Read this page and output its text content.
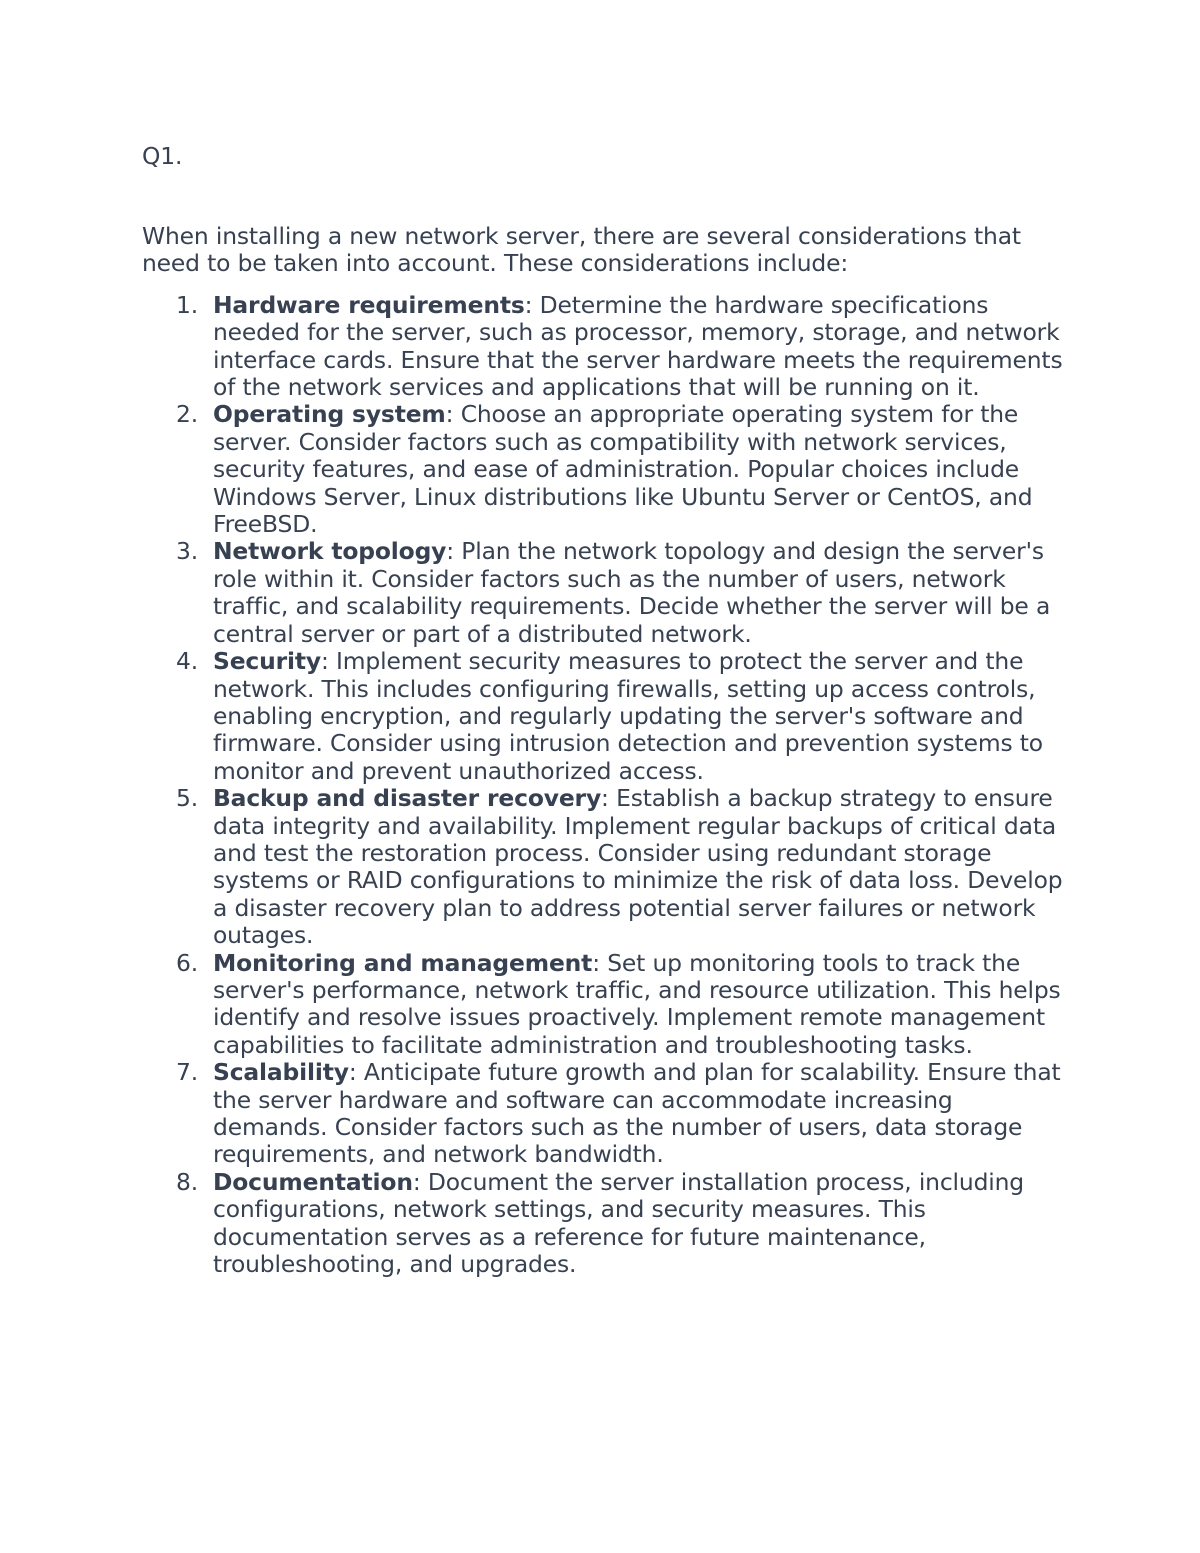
Q1.

When installing a new network server, there are several considerations that need to be taken into account. These considerations include:

1. Hardware requirements: Determine the hardware specifications needed for the server, such as processor, memory, storage, and network interface cards. Ensure that the server hardware meets the requirements of the network services and applications that will be running on it.
2. Operating system: Choose an appropriate operating system for the server. Consider factors such as compatibility with network services, security features, and ease of administration. Popular choices include Windows Server, Linux distributions like Ubuntu Server or CentOS, and FreeBSD.
3. Network topology: Plan the network topology and design the server's role within it. Consider factors such as the number of users, network traffic, and scalability requirements. Decide whether the server will be a central server or part of a distributed network.
4. Security: Implement security measures to protect the server and the network. This includes configuring firewalls, setting up access controls, enabling encryption, and regularly updating the server's software and firmware. Consider using intrusion detection and prevention systems to monitor and prevent unauthorized access.
5. Backup and disaster recovery: Establish a backup strategy to ensure data integrity and availability. Implement regular backups of critical data and test the restoration process. Consider using redundant storage systems or RAID configurations to minimize the risk of data loss. Develop a disaster recovery plan to address potential server failures or network outages.
6. Monitoring and management: Set up monitoring tools to track the server's performance, network traffic, and resource utilization. This helps identify and resolve issues proactively. Implement remote management capabilities to facilitate administration and troubleshooting tasks.
7. Scalability: Anticipate future growth and plan for scalability. Ensure that the server hardware and software can accommodate increasing demands. Consider factors such as the number of users, data storage requirements, and network bandwidth.
8. Documentation: Document the server installation process, including configurations, network settings, and security measures. This documentation serves as a reference for future maintenance, troubleshooting, and upgrades.
